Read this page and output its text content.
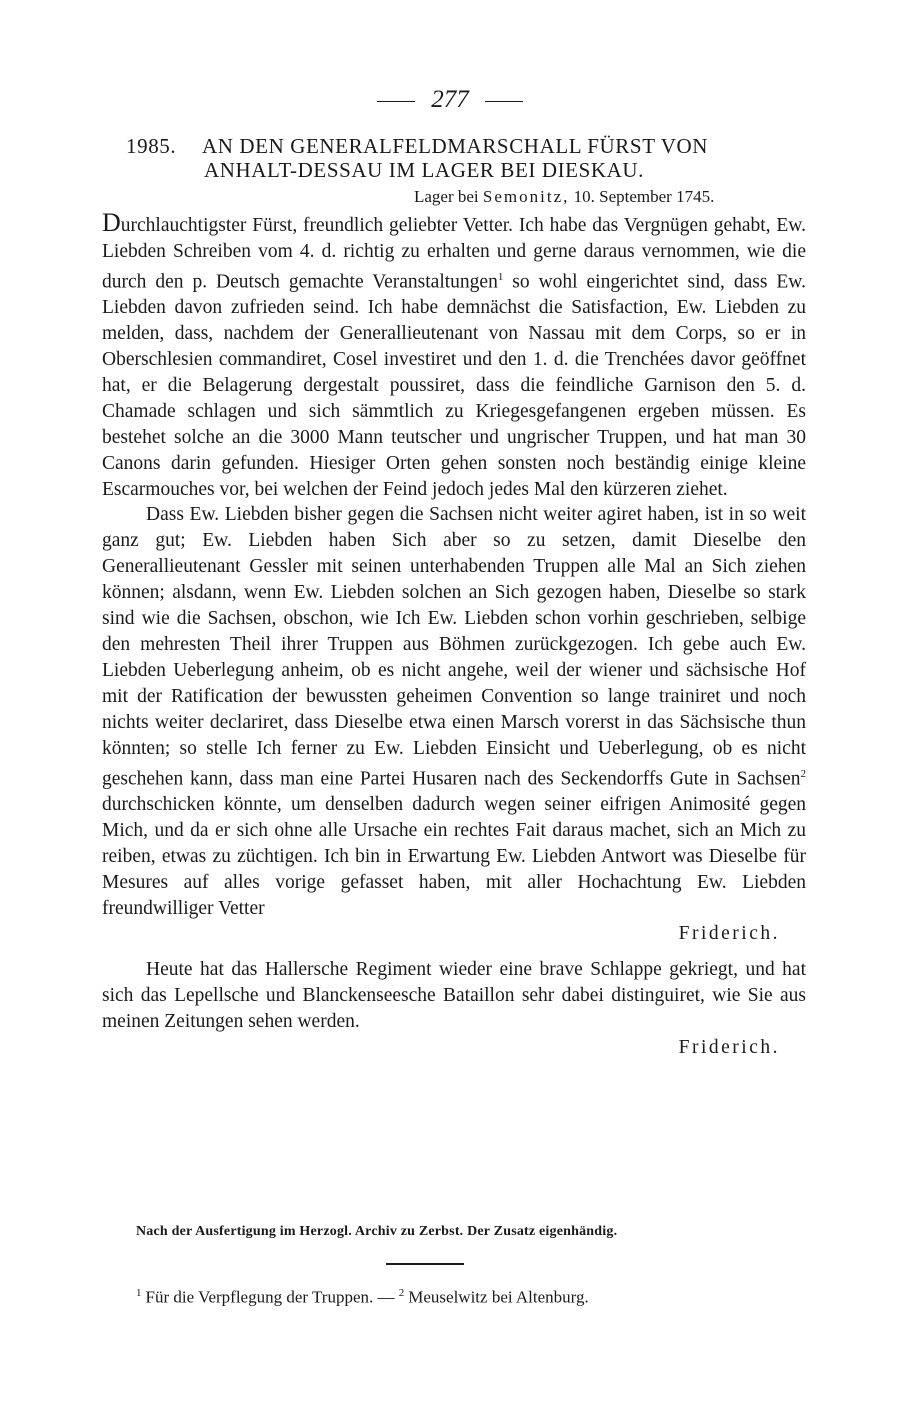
277
1985. AN DEN GENERALFELDMARSCHALL FÜRST VON
ANHALT-DESSAU IM LAGER BEI DIESKAU.
Lager bei Semonitz, 10. September 1745.

Durchlauchtigster Fürst, freundlich geliebter Vetter. Ich habe das Vergnügen gehabt, Ew. Liebden Schreiben vom 4. d. richtig zu erhalten und gerne daraus vernommen, wie die durch den p. Deutsch gemachte Veranstaltungen$^1$ so wohl eingerichtet sind, dass Ew. Liebden davon zufrieden seind. Ich habe demnächst die Satisfaction, Ew. Liebden zu melden, dass, nachdem der Generallieutenant von Nassau mit dem Corps, so er in Oberschlesien commandiret, Cosel investiret und den 1. d. die Trenchées davor geöffnet hat, er die Belagerung dergestalt poussiret, dass die feindliche Garnison den 5. d. Chamade schlagen und sich sämmtlich zu Kriegesgefangenen ergeben müssen. Es bestehet solche an die 3000 Mann teutscher und ungrischer Truppen, und hat man 30 Canons darin gefunden. Hiesiger Orten gehen sonsten noch beständig einige kleine Escarmouches vor, bei welchen der Feind jedoch jedes Mal den kürzeren ziehet.

Dass Ew. Liebden bisher gegen die Sachsen nicht weiter agiret haben, ist in so weit ganz gut; Ew. Liebden haben Sich aber so zu setzen, damit Dieselbe den Generallieutenant Gessler mit seinen unterhabenden Truppen alle Mal an Sich ziehen können; alsdann, wenn Ew. Liebden solchen an Sich gezogen haben, Dieselbe so stark sind wie die Sachsen, obschon, wie Ich Ew. Liebden schon vorhin geschrieben, selbige den mehresten Theil ihrer Truppen aus Böhmen zurückgezogen. Ich gebe auch Ew. Liebden Ueberlegung anheim, ob es nicht angehe, weil der wiener und sächsische Hof mit der Ratification der bewussten geheimen Convention so lange trainiret und noch nichts weiter declariret, dass Dieselbe etwa einen Marsch vorerst in das Sächsische thun könnten; so stelle Ich ferner zu Ew. Liebden Einsicht und Ueberlegung, ob es nicht geschehen kann, dass man eine Partei Husaren nach des Seckendorffs Gute in Sachsen$^2$ durchschicken könnte, um denselben dadurch wegen seiner eifrigen Animosité gegen Mich, und da er sich ohne alle Ursache ein rechtes Fait daraus machet, sich an Mich zu reiben, etwas zu züchtigen. Ich bin in Erwartung Ew. Liebden Antwort was Dieselbe für Mesures auf alles vorige gefasset haben, mit aller Hochachtung Ew. Liebden freundwilliger Vetter

Friderich.

Heute hat das Hallersche Regiment wieder eine brave Schlappe gekriegt, und hat sich das Lepellsche und Blanckenseesche Bataillon sehr dabei distinguiret, wie Sie aus meinen Zeitungen sehen werden.

Friderich.

Nach der Ausfertigung im Herzogl. Archiv zu Zerbst. Der Zusatz eigenhändig.
$^1$ Für die Verpflegung der Truppen. — $^2$ Meuselwitz bei Altenburg.
